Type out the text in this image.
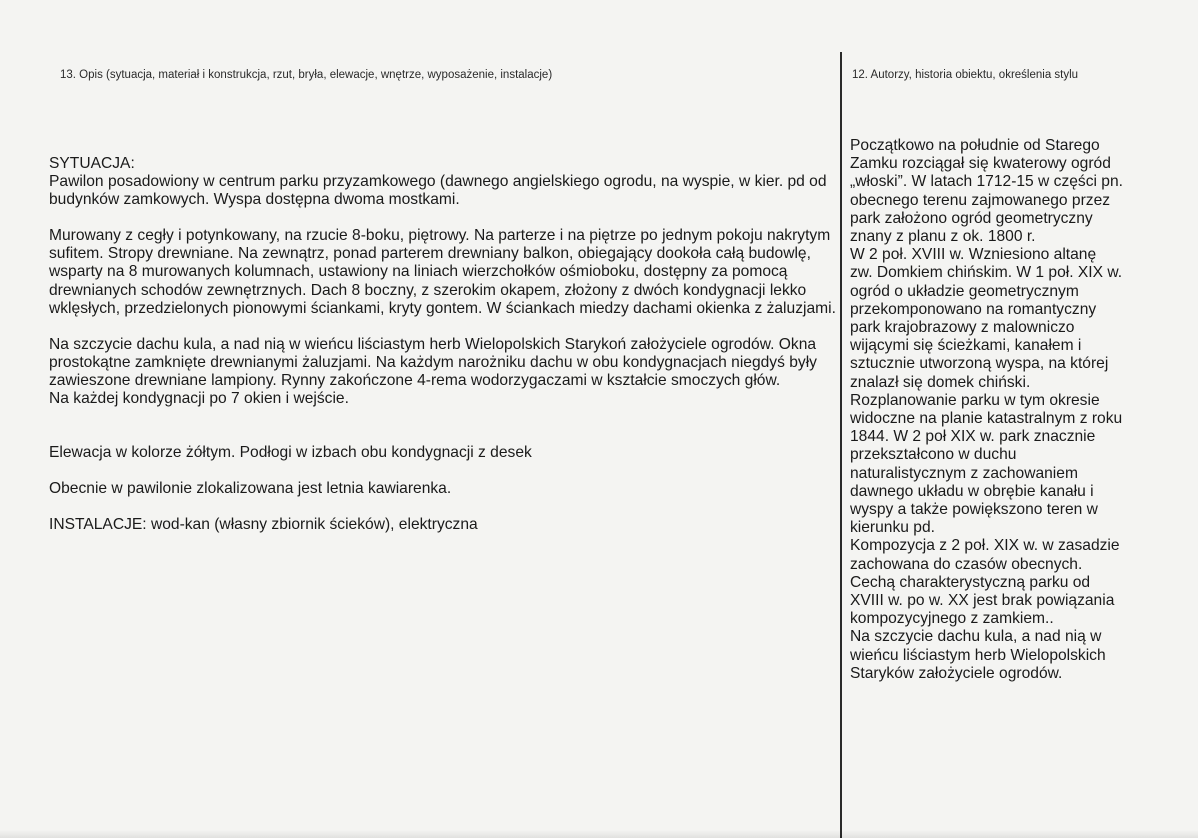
13. Opis (sytuacja, materiał i konstrukcja, rzut, bryła, elewacje, wnętrze, wyposażenie, instalacje)	12. Autorzy, historia obiektu, określenia stylu

SYTUACJA:

Pawilon posadowiony w centrum parku przyzamkowego (dawnego angielskiego ogrodu, na wyspie, w kier. pd od budynków zamkowych. Wyspa dostępna dwoma mostkami.

Murowany z cegły i potynkowany, na rzucie 8-boku, piętrowy. Na parterze i na piętrze po jednym pokoju nakrytym sufitem. Stropy drewniane. Na zewnątrz, ponad parterem drewniany balkon, obiegający dookoła całą budowlę, wsparty na 8 murowanych kolumnach, ustawiony na liniach wierzchołków ośmioboku, dostępny za pomocą drewnianych schodów zewnętrznych. Dach 8 boczny, z szerokim okapem, złożony z dwóch kondygnacji lekko wklęsłych, przedzielonych pionowymi ściankami, kryty gontem. W ściankach miedzy dachami okienka z żaluzjami.

Na szczycie dachu kula, a nad nią w wieńcu liściastym herb Wielopolskich Starykoń założyciele ogrodów. Okna prostokątne zamknięte drewnianymi żaluzjami. Na każdym narożniku dachu w obu kondygnacjach niegdyś były zawieszone drewniane lampiony. Rynny zakończone 4-rema wodorzygaczami w kształcie smoczych głów.

Na każdej kondygnacji po 7 okien i wejście.

Elewacja w kolorze żółtym. Podłogi w izbach obu kondygnacji z desek

Obecnie w pawilonie zlokalizowana jest letnia kawiarenka.

INSTALACJE: wod-kan (własny zbiornik ścieków), elektryczna

Początkowo na południe od Starego
Zamku rozciągał się kwaterowy ogród
„włoski”. W latach 1712-15 w części pn.
obecnego terenu zajmowanego przez
park założono ogród geometryczny
znany z planu z ok. 1800 r.
W 2 poł. XVIII w. Wzniesiono altanę
zw. Domkiem chińskim. W 1 poł. XIX w.
ogród o układzie geometrycznym
przekomponowano na romantyczny
park krajobrazowy z malowniczo
wijącymi się ścieżkami, kanałem i
sztucznie utworzoną wyspa, na której
znalazł się domek chiński.
Rozplanowanie parku w tym okresie
widoczne na planie katastralnym z roku
1844. W 2 poł XIX w. park znacznie
przekształcono w duchu
naturalistycznym z zachowaniem
dawnego układu w obrębie kanału i
wyspy a także powiększono teren w
kierunku pd.
Kompozycja z 2 poł. XIX w. w zasadzie
zachowana do czasów obecnych.
Cechą charakterystyczną parku od
XVIII w. po w. XX jest brak powiązania
kompozycyjnego z zamkiem..
Na szczycie dachu kula, a nad nią w
wieńcu liściastym herb Wielopolskich
Staryków założyciele ogrodów.
